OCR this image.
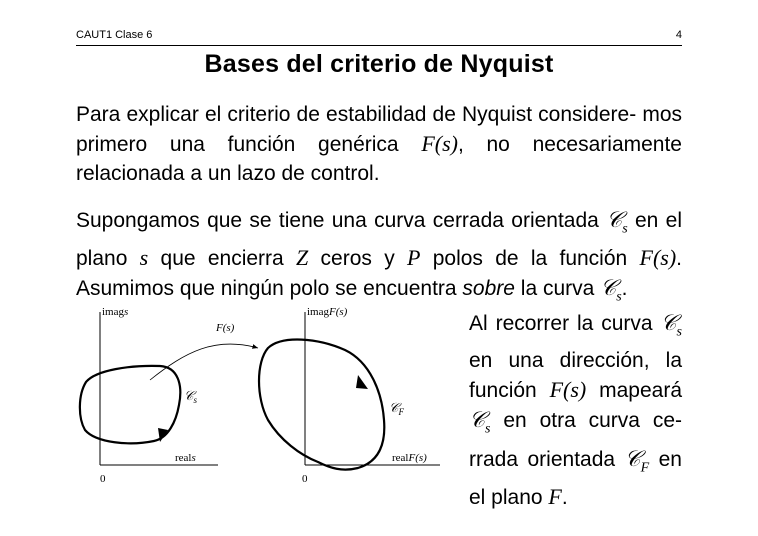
CAUT1 Clase 6	4
Bases del criterio de Nyquist
Para explicar el criterio de estabilidad de Nyquist considere- mos primero una función genérica F(s), no necesariamente relacionada a un lazo de control.
Supongamos que se tiene una curva cerrada orientada 𝒞$_s$ en el plano s que encierra Z ceros y P polos de la función F(s). Asumimos que ningún polo se encuentra sobre la curva 𝒞$_s$.
imags
reals
0
𝒞$_s$
F(s)
imagF(s)
realF(s)
0
𝒞$_F$
Al recorrer la curva 𝒞$_s$ en una dirección, la función F(s) mapeará 𝒞$_s$ en otra curva ce- rrada orientada 𝒞$_F$ en el plano F.
